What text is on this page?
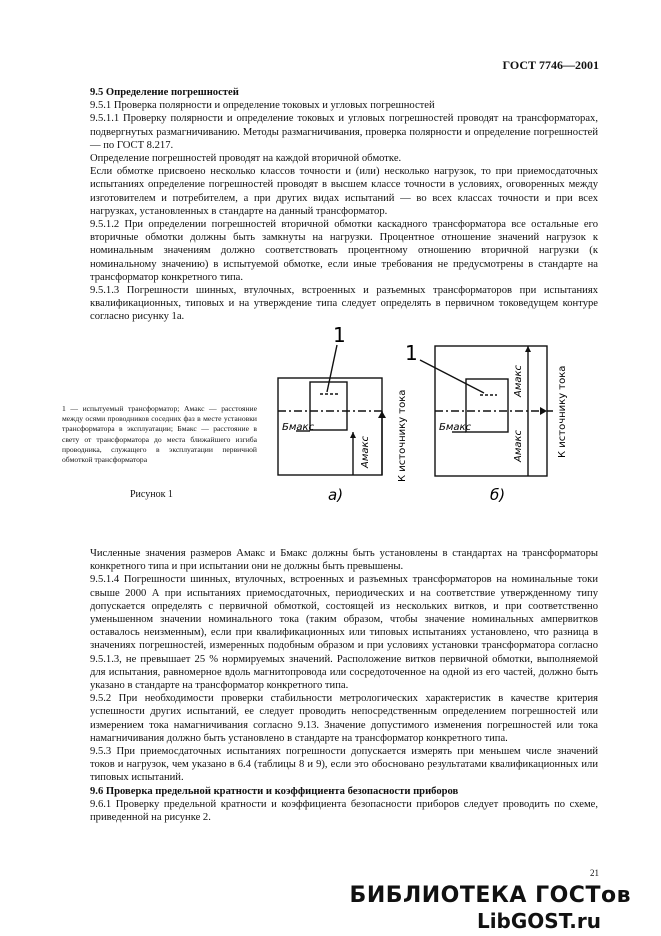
ГОСТ 7746—2001

9.5 Определение погрешностей

9.5.1 Проверка полярности и определение токовых и угловых погрешностей

9.5.1.1 Проверку полярности и определение токовых и угловых погрешностей проводят на трансформаторах, подвергнутых размагничиванию. Методы размагничивания, проверка полярности и определение погрешностей — по ГОСТ 8.217.

Определение погрешностей проводят на каждой вторичной обмотке.

Если обмотке присвоено несколько классов точности и (или) несколько нагрузок, то при приемосдаточных испытаниях определение погрешностей проводят в высшем классе точности в условиях, оговоренных между изготовителем и потребителем, а при других видах испытаний — во всех классах точности и при всех нагрузках, установленных в стандарте на данный трансформатор.

9.5.1.2 При определении погрешностей вторичной обмотки каскадного трансформатора все остальные его вторичные обмотки должны быть замкнуты на нагрузки. Процентное отношение значений нагрузок к номинальным значениям должно соответствовать процентному отношению вторичной нагрузки (к номинальному значению) в испытуемой обмотке, если иные требования не предусмотрены в стандарте на трансформатор конкретного типа.

9.5.1.3 Погрешности шинных, втулочных, встроенных и разъемных трансформаторов при испытаниях квалификационных, типовых и на утверждение типа следует определять в первичном токоведущем контуре согласно рисунку 1а.

1 — испытуемый трансформатор; Aмакс — расстояние между осями проводников соседних фаз в месте установки трансформатора в эксплуатации; Бмакс — расстояние в свету от трансформатора до места ближайшего изгиба проводника, служащего в эксплуатации первичной обмоткой трансформатора
Рисунок 1
1
1
Бмакс
Амакс	К источнику тока
а)
Бмакс
Амакс
Амакс	К источнику тока
б)

Численные значения размеров Aмакс и Бмакс должны быть установлены в стандартах на трансформаторы конкретного типа и при испытании они не должны быть превышены.

9.5.1.4 Погрешности шинных, втулочных, встроенных и разъемных трансформаторов на номинальные токи свыше 2000 А при испытаниях приемосдаточных, периодических и на соответствие утвержденному типу допускается определять с первичной обмоткой, состоящей из нескольких витков, и при соответственно уменьшенном значении номинального тока (таким образом, чтобы значение номинальных ампервитков оставалось неизменным), если при квалификационных или типовых испытаниях установлено, что разница в значениях погрешностей, измеренных подобным образом и при условиях установки трансформатора согласно 9.5.1.3, не превышает 25 % нормируемых значений. Расположение витков первичной обмотки, выполняемой для испытания, равномерное вдоль магнитопровода или сосредоточенное на одной из его частей, должно быть указано в стандарте на трансформатор конкретного типа.

9.5.2 При необходимости проверки стабильности метрологических характеристик в качестве критерия успешности других испытаний, ее следует проводить непосредственным определением погрешностей или измерением тока намагничивания согласно 9.13. Значение допустимого изменения погрешностей или тока намагничивания должно быть установлено в стандарте на трансформатор конкретного типа.

9.5.3 При приемосдаточных испытаниях погрешности допускается измерять при меньшем числе значений токов и нагрузок, чем указано в 6.4 (таблицы 8 и 9), если это обосновано результатами квалификационных или типовых испытаний.

9.6 Проверка предельной кратности и коэффициента безопасности приборов

9.6.1 Проверку предельной кратности и коэффициента безопасности приборов следует проводить по схеме, приведенной на рисунке 2.

21
БИБЛИОТЕКА ГОСТов
LibGOST.ru
